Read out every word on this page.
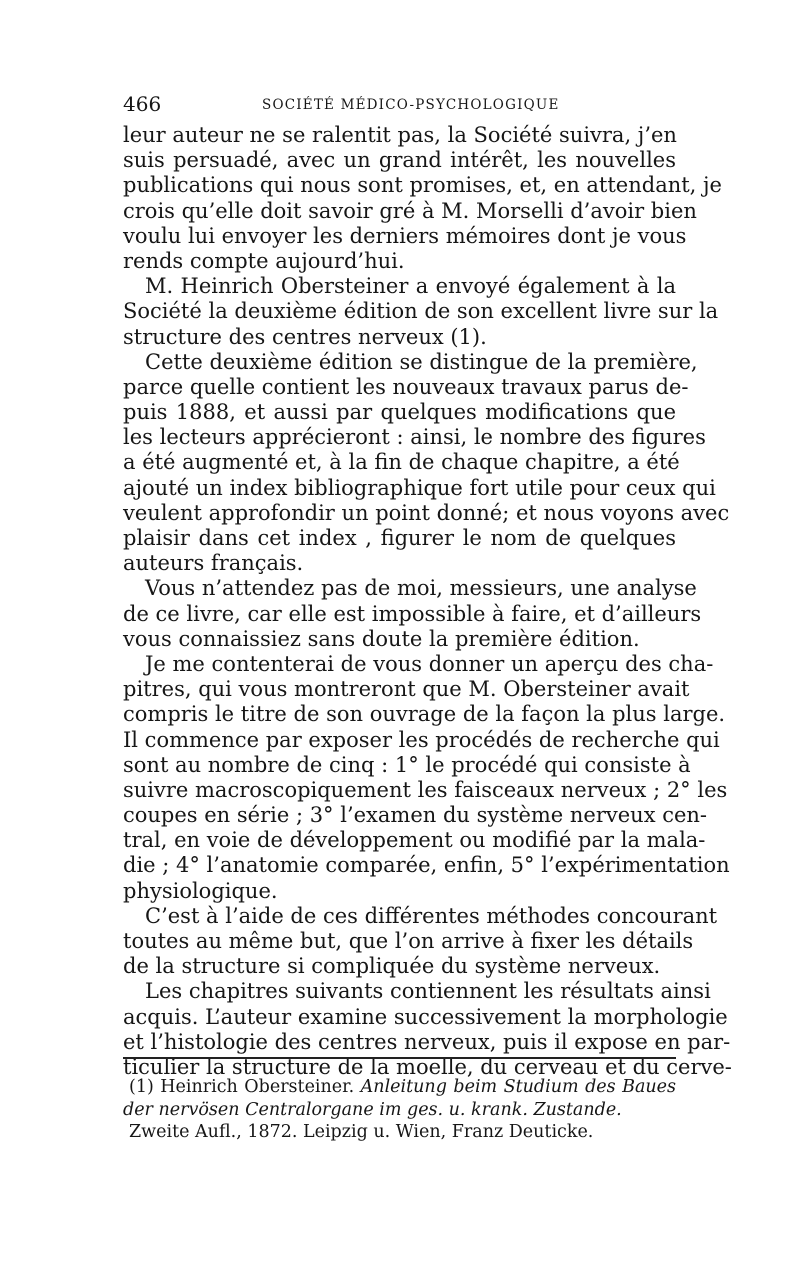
466	SOCIÉTÉ MÉDICO-PSYCHOLOGIQUE
leur auteur ne se ralentit pas, la Société suivra, j’en
suis persuadé, avec un grand intérêt, les nouvelles
publications qui nous sont promises, et, en attendant, je
crois qu’elle doit savoir gré à M. Morselli d’avoir bien
voulu lui envoyer les derniers mémoires dont je vous
rends compte aujourd’hui.
M. Heinrich Obersteiner a envoyé également à la
Société la deuxième édition de son excellent livre sur la
structure des centres nerveux (1).
Cette deuxième édition se distingue de la première,
parce quelle contient les nouveaux travaux parus de-
puis 1888, et aussi par quelques modifications que
les lecteurs apprécieront : ainsi, le nombre des figures
a été augmenté et, à la fin de chaque chapitre, a été
ajouté un index bibliographique fort utile pour ceux qui
veulent approfondir un point donné; et nous voyons avec
plaisir dans cet index , figurer le nom de quelques
auteurs français.
Vous n’attendez pas de moi, messieurs, une analyse
de ce livre, car elle est impossible à faire, et d’ailleurs
vous connaissiez sans doute la première édition.
Je me contenterai de vous donner un aperçu des cha-
pitres, qui vous montreront que M. Obersteiner avait
compris le titre de son ouvrage de la façon la plus large.
Il commence par exposer les procédés de recherche qui
sont au nombre de cinq : 1° le procédé qui consiste à
suivre macroscopiquement les faisceaux nerveux ; 2° les
coupes en série ; 3° l’examen du système nerveux cen-
tral, en voie de développement ou modifié par la mala-
die ; 4° l’anatomie comparée, enfin, 5° l’expérimentation
physiologique.
C’est à l’aide de ces différentes méthodes concourant
toutes au même but, que l’on arrive à fixer les détails
de la structure si compliquée du système nerveux.
Les chapitres suivants contiennent les résultats ainsi
acquis. L’auteur examine successivement la morphologie
et l’histologie des centres nerveux, puis il expose en par-
ticulier la structure de la moelle, du cerveau et du cerve-
(1) Heinrich Obersteiner. Anleitung beim Studium des Baues
der nervösen Centralorgane im ges. u. krank. Zustande.
Zweite Aufl., 1872. Leipzig u. Wien, Franz Deuticke.
